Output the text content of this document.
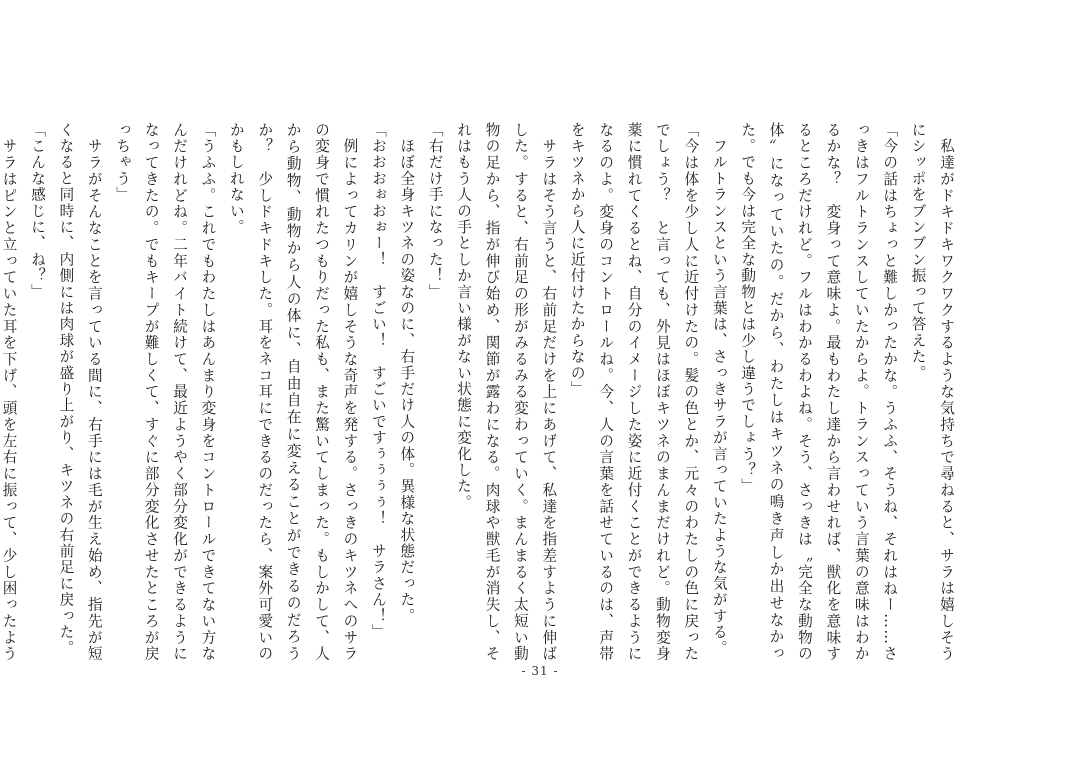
　私達がドキドキワクワクするような気持ちで尋ねると、サラは嬉しそうにシッポをブンブン振って答えた。

「今の話はちょっと難しかったかな。うふふ、そうね、それはねー……さっきはフルトランスしていたからよ。トランスっていう言葉の意味はわかるかな？　変身って意味よ。最もわたし達から言わせれば、獣化を意味するところだけれど。フルはわかるわよね。そう、さっきは〝完全な動物の体〟になっていたの。だから、わたしはキツネの鳴き声しか出せなかった。でも今は完全な動物とは少し違うでしょう？」

　フルトランスという言葉は、さっきサラが言っていたような気がする。

「今は体を少し人に近付けたの。髪の色とか、元々のわたしの色に戻ったでしょう？　と言っても、外見はほぼキツネのまんまだけれど。動物変身薬に慣れてくるとね、自分のイメージした姿に近付くことができるようになるのよ。変身のコントロールね。今、人の言葉を話せているのは、声帯をキツネから人に近付けたからなの」

　サラはそう言うと、右前足だけを上にあげて、私達を指差すように伸ばした。すると、右前足の形がみるみる変わっていく。まんまるく太短い動物の足から、指が伸び始め、関節が露わになる。肉球や獣毛が消失し、それはもう人の手としか言い様がない状態に変化した。

「右だけ手になった！」

　ほぼ全身キツネの姿なのに、右手だけ人の体。異様な状態だった。

「おおおぉおぉー！　すごい！　すごいですぅぅぅぅ！　サラさん！」

　例によってカリンが嬉しそうな奇声を発する。さっきのキツネへのサラの変身で慣れたつもりだった私も、また驚いてしまった。もしかして、人から動物、動物から人の体に、自由自在に変えることができるのだろうか？　少しドキドキした。耳をネコ耳にできるのだったら、案外可愛いのかもしれない。

「うふふ。これでもわたしはあんまり変身をコントロールできてない方なんだけれどね。二年バイト続けて、最近ようやく部分変化ができるようになってきたの。でもキープが難しくて、すぐに部分変化させたところが戻っちゃう」

　サラがそんなことを言っている間に、右手には毛が生え始め、指先が短くなると同時に、内側には肉球が盛り上がり、キツネの右前足に戻った。

「こんな感じに、ね？」

　サラはピンと立っていた耳を下げ、頭を左右に振って、少し困ったよう

- 31 -
